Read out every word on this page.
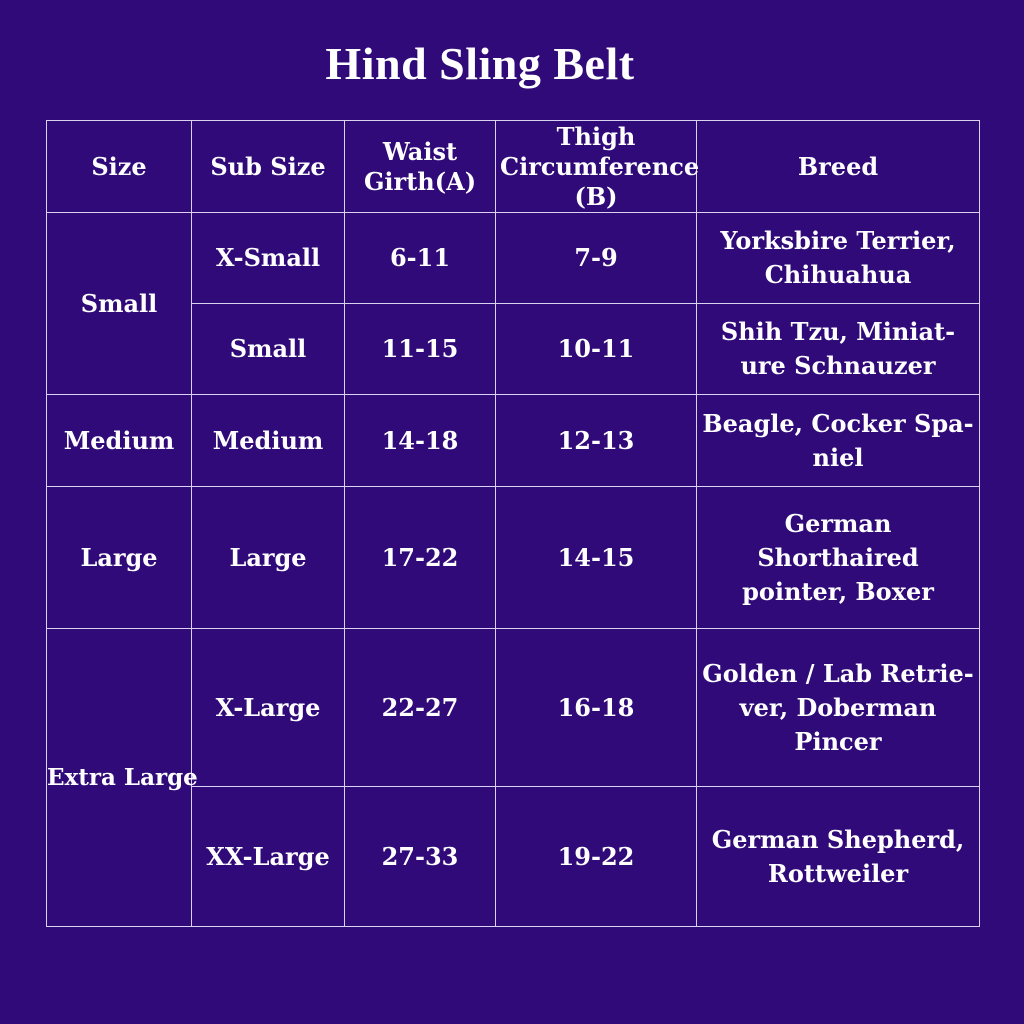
Hind Sling Belt
Size	Sub Size	Waist Girth(A)	Thigh Circumference (B)	Breed
Small	X-Small	6-11	7-9	Yorksbire Terrier, Chihuahua
	Small	11-15	10-11	Shih Tzu, Miniat-ure Schnauzer
Medium	Medium	14-18	12-13	Beagle, Cocker Spa-niel
Large	Large	17-22	14-15	German Shorthaired pointer, Boxer
Extra Large	X-Large	22-27	16-18	Golden / Lab Retrie-ver, Doberman Pincer
	XX-Large	27-33	19-22	German Shepherd, Rottweiler
